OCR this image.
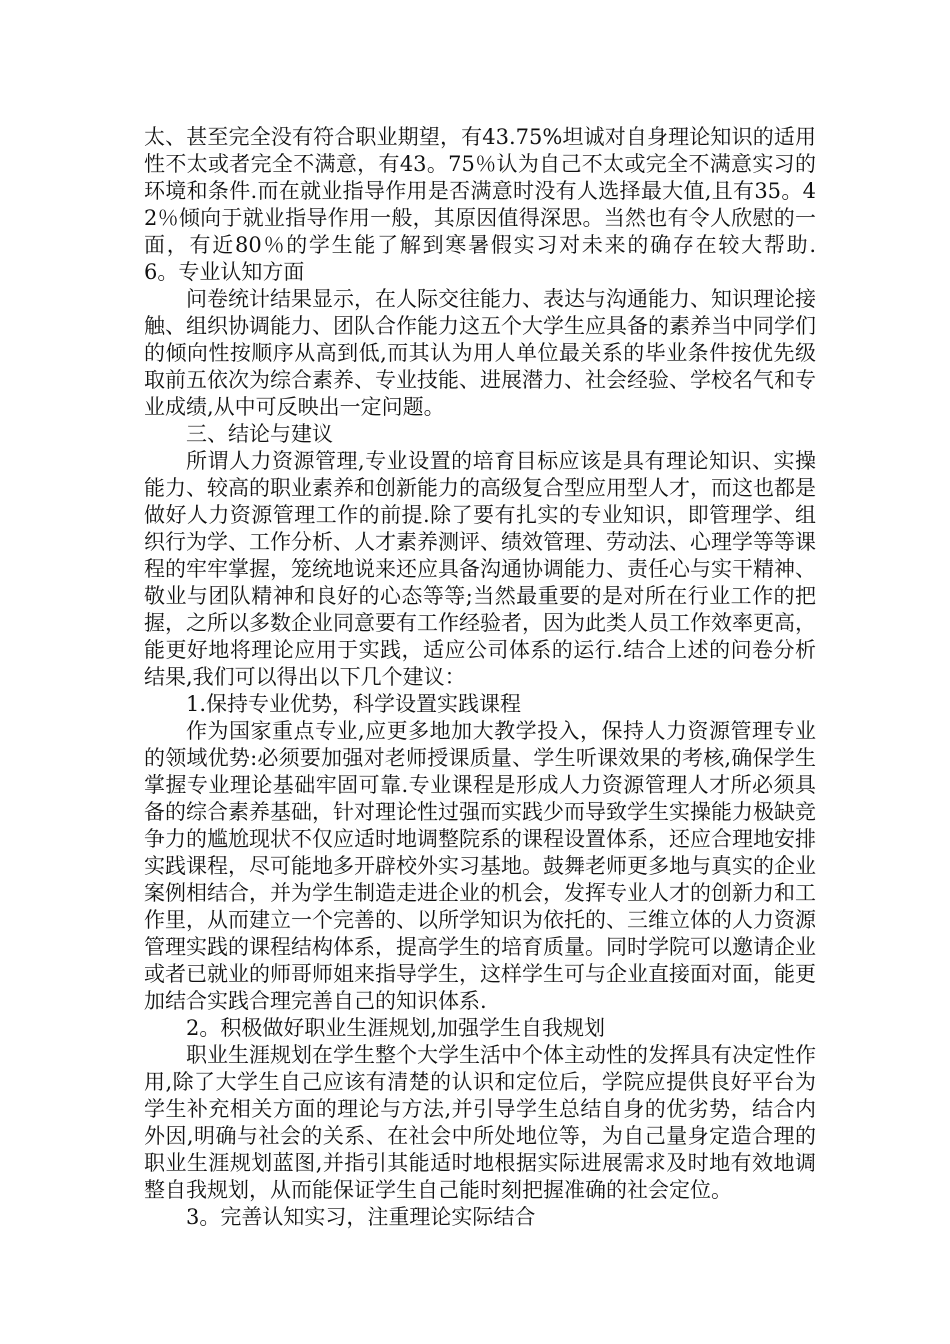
太、甚至完全没有符合职业期望，有43.75%坦诚对自身理论知识的适用性不太或者完全不满意，有43。75％认为自己不太或完全不满意实习的环境和条件.而在就业指导作用是否满意时没有人选择最大值,且有35。42％倾向于就业指导作用一般，其原因值得深思。当然也有令人欣慰的一面，有近80％的学生能了解到寒暑假实习对未来的确存在较大帮助.　　　　　6。专业认知方面

问卷统计结果显示，在人际交往能力、表达与沟通能力、知识理论接触、组织协调能力、团队合作能力这五个大学生应具备的素养当中同学们的倾向性按顺序从高到低,而其认为用人单位最关系的毕业条件按优先级取前五依次为综合素养、专业技能、进展潜力、社会经验、学校名气和专业成绩,从中可反映出一定问题。

三、结论与建议

所谓人力资源管理,专业设置的培育目标应该是具有理论知识、实操能力、较高的职业素养和创新能力的高级复合型应用型人才，而这也都是做好人力资源管理工作的前提.除了要有扎实的专业知识，即管理学、组织行为学、工作分析、人才素养测评、绩效管理、劳动法、心理学等等课程的牢牢掌握，笼统地说来还应具备沟通协调能力、责任心与实干精神、敬业与团队精神和良好的心态等等;当然最重要的是对所在行业工作的把握，之所以多数企业同意要有工作经验者，因为此类人员工作效率更高，能更好地将理论应用于实践，适应公司体系的运行.结合上述的问卷分析结果,我们可以得出以下几个建议：

1.保持专业优势，科学设置实践课程

作为国家重点专业,应更多地加大教学投入，保持人力资源管理专业的领域优势:必须要加强对老师授课质量、学生听课效果的考核,确保学生掌握专业理论基础牢固可靠.专业课程是形成人力资源管理人才所必须具备的综合素养基础，针对理论性过强而实践少而导致学生实操能力极缺竞争力的尴尬现状不仅应适时地调整院系的课程设置体系，还应合理地安排实践课程，尽可能地多开辟校外实习基地。鼓舞老师更多地与真实的企业案例相结合，并为学生制造走进企业的机会，发挥专业人才的创新力和工作里，从而建立一个完善的、以所学知识为依托的、三维立体的人力资源管理实践的课程结构体系，提高学生的培育质量。同时学院可以邀请企业或者已就业的师哥师姐来指导学生，这样学生可与企业直接面对面，能更加结合实践合理完善自己的知识体系.

2。积极做好职业生涯规划,加强学生自我规划

职业生涯规划在学生整个大学生活中个体主动性的发挥具有决定性作用,除了大学生自己应该有清楚的认识和定位后，学院应提供良好平台为学生补充相关方面的理论与方法,并引导学生总结自身的优劣势，结合内外因,明确与社会的关系、在社会中所处地位等，为自己量身定造合理的职业生涯规划蓝图,并指引其能适时地根据实际进展需求及时地有效地调整自我规划，从而能保证学生自己能时刻把握准确的社会定位。

3。完善认知实习，注重理论实际结合
